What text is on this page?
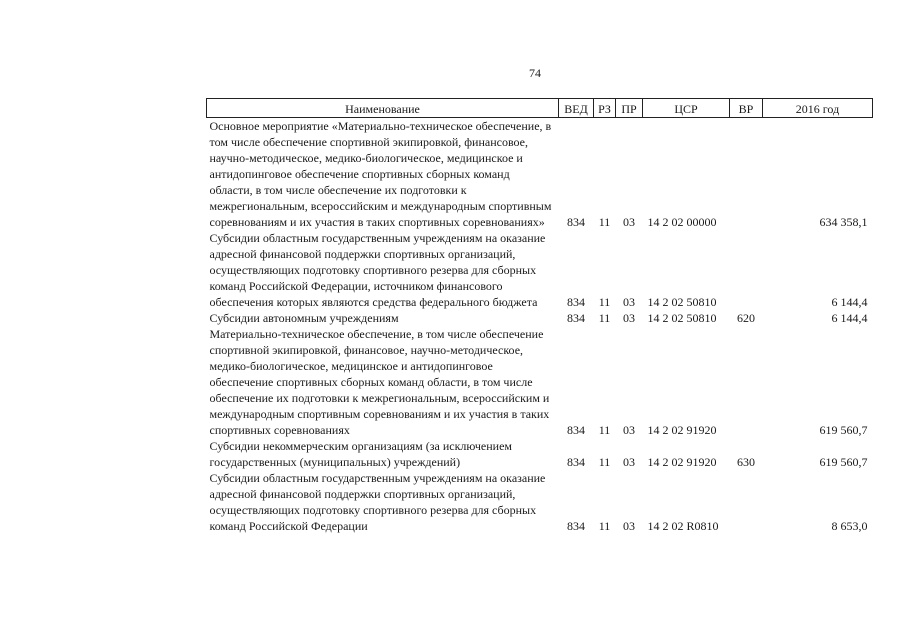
74
Наименование	ВЕД	РЗ	ПР	ЦСР	ВР	2016 год
Основное мероприятие «Материально-техническое обеспечение, в том числе обеспечение спортивной экипировкой, финансовое, научно-методическое, медико-биологическое, медицинское и антидопинговое обеспечение спортивных сборных команд области, в том числе обеспечение их подготовки к межрегиональным, всероссийским и международным спортивным соревнованиям и их участия в таких спортивных соревнованиях»	834	11	03	14 2 02 00000		634 358,1
Субсидии областным государственным учреждениям на оказание адресной финансовой поддержки спортивных организаций, осуществляющих подготовку спортивного резерва для сборных команд Российской Федерации, источником финансового обеспечения которых являются средства федерального бюджета	834	11	03	14 2 02 50810		6 144,4
Субсидии автономным учреждениям	834	11	03	14 2 02 50810	620	6 144,4
Материально-техническое обеспечение, в том числе обеспечение спортивной экипировкой, финансовое, научно-методическое, медико-биологическое, медицинское и антидопинговое обеспечение спортивных сборных команд области, в том числе обеспечение их подготовки к межрегиональным, всероссийским и международным спортивным соревнованиям и их участия в таких спортивных соревнованиях	834	11	03	14 2 02 91920		619 560,7
Субсидии некоммерческим организациям (за исключением государственных (муниципальных) учреждений)	834	11	03	14 2 02 91920	630	619 560,7
Субсидии областным государственным учреждениям на оказание адресной финансовой поддержки спортивных организаций, осуществляющих подготовку спортивного резерва для сборных команд Российской Федерации	834	11	03	14 2 02 R0810		8 653,0
